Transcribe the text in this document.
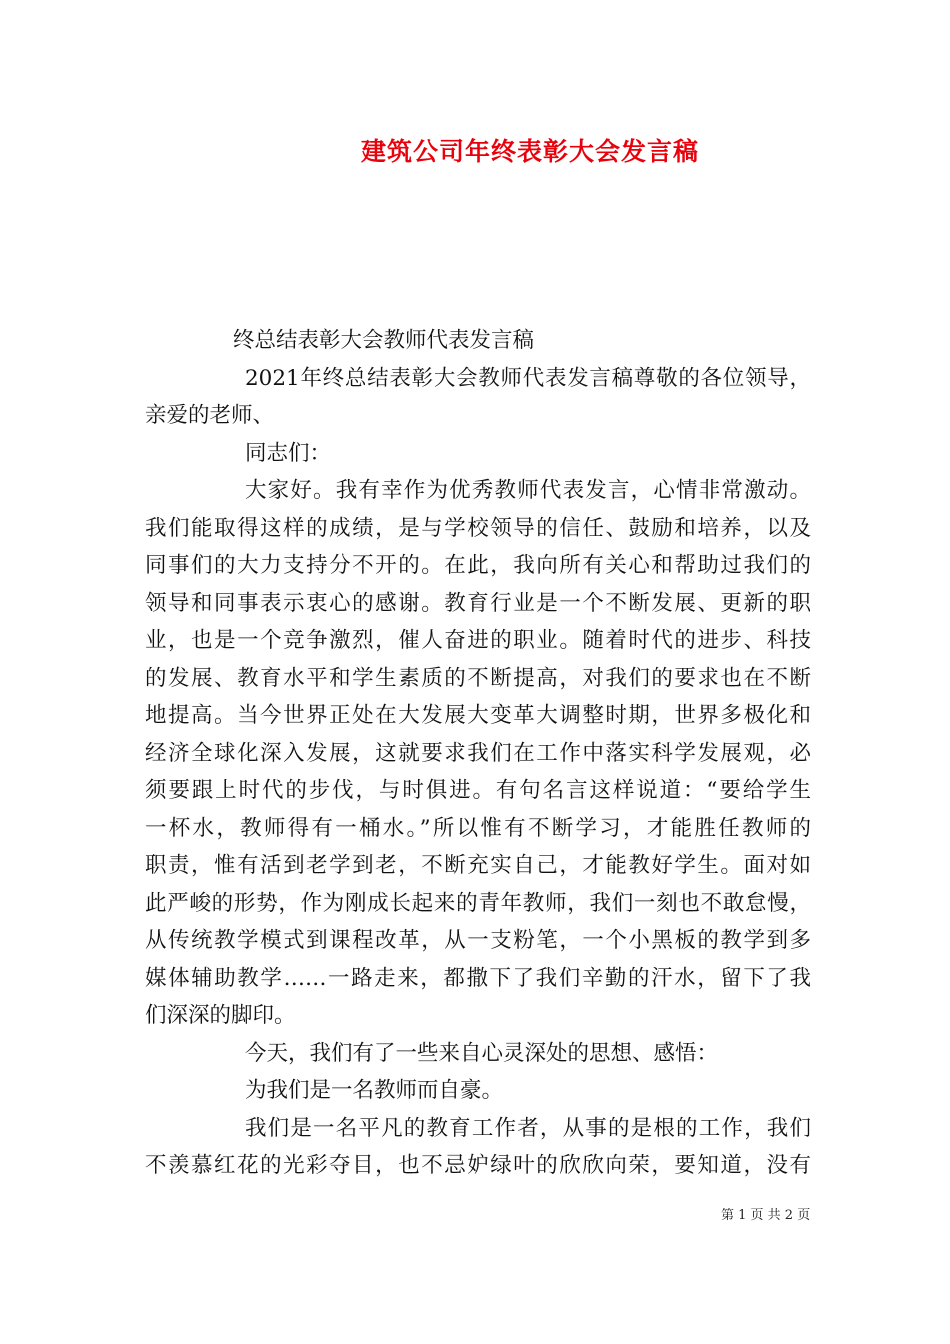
建筑公司年终表彰大会发言稿
终总结表彰大会教师代表发言稿
2021年终总结表彰大会教师代表发言稿尊敬的各位领导，
亲爱的老师、
同志们：
大家好。我有幸作为优秀教师代表发言，心情非常激动。
我们能取得这样的成绩，是与学校领导的信任、鼓励和培养，以及
同事们的大力支持分不开的。在此，我向所有关心和帮助过我们的
领导和同事表示衷心的感谢。教育行业是一个不断发展、更新的职
业，也是一个竞争激烈，催人奋进的职业。随着时代的进步、科技
的发展、教育水平和学生素质的不断提高，对我们的要求也在不断
地提高。当今世界正处在大发展大变革大调整时期，世界多极化和
经济全球化深入发展，这就要求我们在工作中落实科学发展观，必
须要跟上时代的步伐，与时俱进。有句名言这样说道：“要给学生
一杯水，教师得有一桶水。”所以惟有不断学习，才能胜任教师的
职责，惟有活到老学到老，不断充实自己，才能教好学生。面对如
此严峻的形势，作为刚成长起来的青年教师，我们一刻也不敢怠慢，
从传统教学模式到课程改革，从一支粉笔，一个小黑板的教学到多
媒体辅助教学……一路走来，都撒下了我们辛勤的汗水，留下了我
们深深的脚印。
今天，我们有了一些来自心灵深处的思想、感悟：
为我们是一名教师而自豪。
我们是一名平凡的教育工作者，从事的是根的工作，我们
不羡慕红花的光彩夺目，也不忌妒绿叶的欣欣向荣，要知道，没有
第 1 页 共 2 页
